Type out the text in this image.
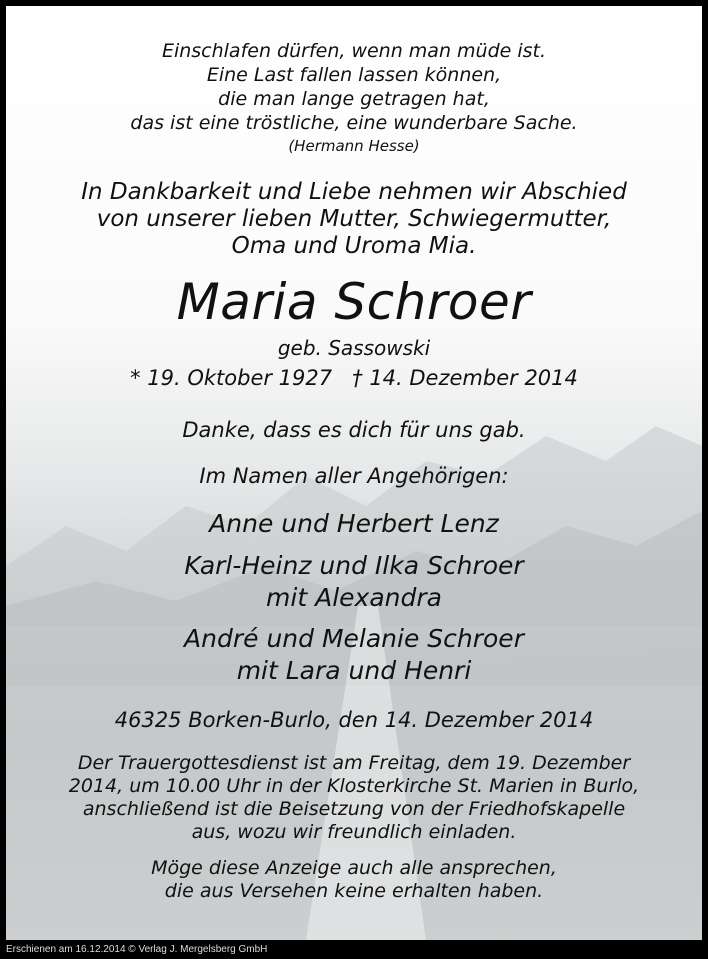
Einschlafen dürfen, wenn man müde ist.
Eine Last fallen lassen können,
die man lange getragen hat,
das ist eine tröstliche, eine wunderbare Sache.
(Hermann Hesse)
In Dankbarkeit und Liebe nehmen wir Abschied
von unserer lieben Mutter, Schwiegermutter,
Oma und Uroma Mia.
Maria Schroer
geb. Sassowski
* 19. Oktober 1927   † 14. Dezember 2014
Danke, dass es dich für uns gab.
Im Namen aller Angehörigen:
Anne und Herbert Lenz
Karl-Heinz und Ilka Schroer
mit Alexandra
André und Melanie Schroer
mit Lara und Henri
46325 Borken-Burlo, den 14. Dezember 2014
Der Trauergottesdienst ist am Freitag, dem 19. Dezember
2014, um 10.00 Uhr in der Klosterkirche St. Marien in Burlo,
anschließend ist die Beisetzung von der Friedhofskapelle
aus, wozu wir freundlich einladen.
Möge diese Anzeige auch alle ansprechen,
die aus Versehen keine erhalten haben.
Erschienen am 16.12.2014 © Verlag J. Mergelsberg GmbH
